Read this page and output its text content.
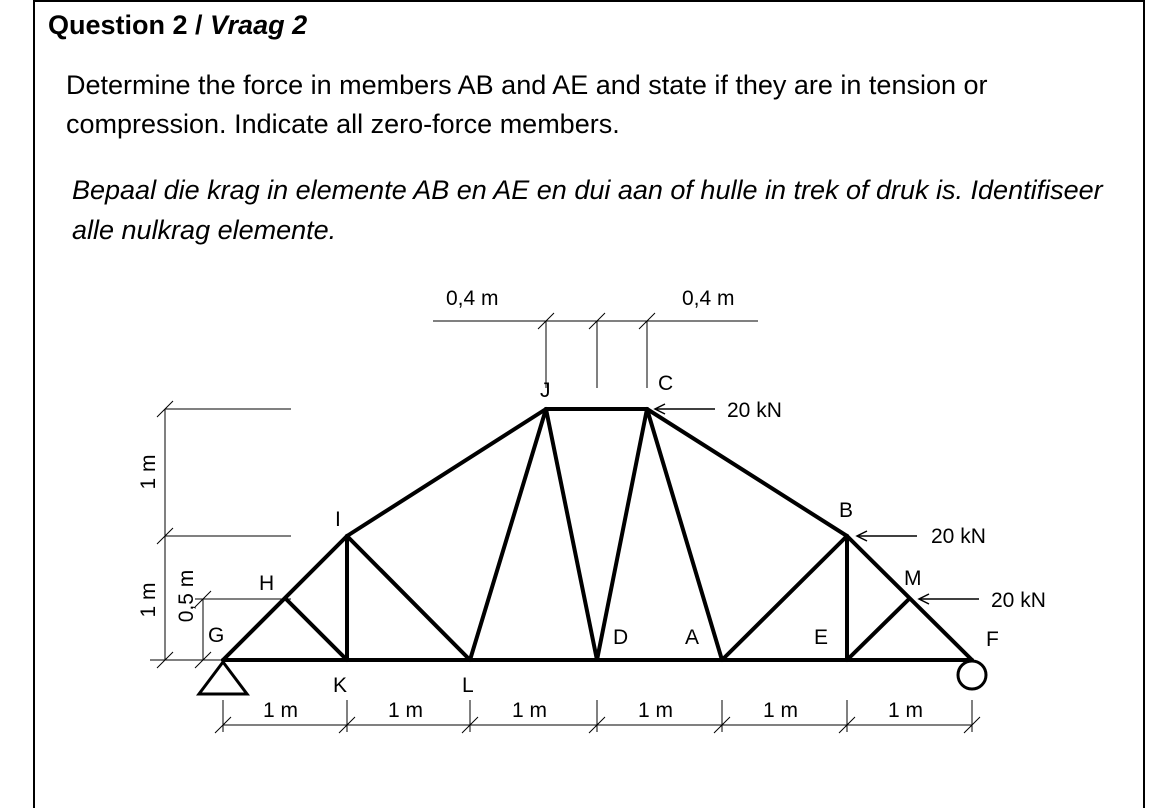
Question 2 / Vraag 2
Determine the force in members AB and AE and state if they are in tension or compression. Indicate all zero-force members.
Bepaal die krag in elemente AB en AE en dui aan of hulle in trek of druk is. Identifiseer alle nulkrag elemente.
J	C
I	B
H	M
G	D	A	E	F
K	L
20 kN
20 kN
20 kN
0,4 m	0,4 m
1 m
1 m 0,5 m
1 m	1 m	1 m	1 m	1 m	1 m
